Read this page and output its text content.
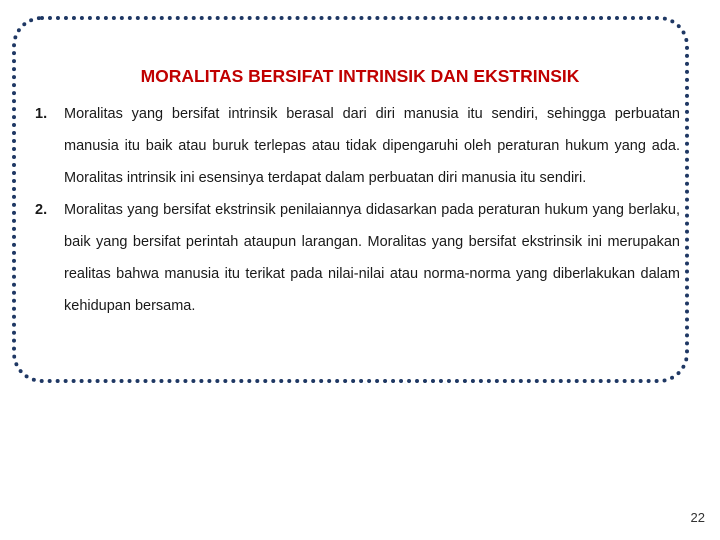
MORALITAS BERSIFAT INTRINSIK DAN EKSTRINSIK
1. Moralitas yang bersifat intrinsik berasal dari diri manusia itu sendiri, sehingga perbuatan manusia itu baik atau buruk terlepas atau tidak dipengaruhi oleh peraturan hukum yang ada. Moralitas intrinsik ini esensinya terdapat dalam perbuatan diri manusia itu sendiri.

2. Moralitas yang bersifat ekstrinsik penilaiannya didasarkan pada peraturan hukum yang berlaku, baik yang bersifat perintah ataupun larangan. Moralitas yang bersifat ekstrinsik ini merupakan realitas bahwa manusia itu terikat pada nilai-nilai atau norma-norma yang diberlakukan dalam kehidupan bersama.

22
